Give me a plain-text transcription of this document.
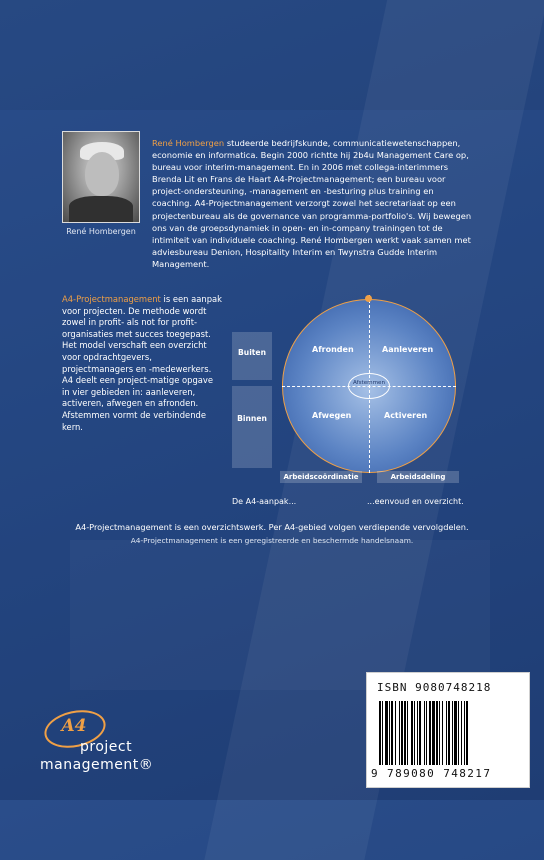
René Hombergen

René Hombergen studeerde bedrijfskunde, communicatiewetenschappen, economie en informatica. Begin 2000 richtte hij 2b4u Management Care op, bureau voor interim-management. En in 2006 met collega-interimmers Brenda Lit en Frans de Haart A4-Projectmanagement; een bureau voor project-ondersteuning, -management en -besturing plus training en coaching. A4-Projectmanagement verzorgt zowel het secretariaat op een projectenbureau als de governance van programma-portfolio's. Wij bewegen ons van de groepsdynamiek in open- en in-company trainingen tot de intimiteit van individuele coaching. René Hombergen werkt vaak samen met adviesbureau Denion, Hospitality Interim en Twynstra Gudde Interim Management.

A4-Projectmanagement is een aanpak voor projecten. De methode wordt zowel in profit- als not for profit-organisaties met succes toegepast. Het model verschaft een overzicht voor opdrachtgevers, projectmanagers en -medewerkers. A4 deelt een project-matige opgave in vier gebieden in: aanleveren, activeren, afwegen en afronden. Afstemmen vormt de verbindende kern.

Buiten
Binnen
Afstemmen
Afronden	Aanleveren
Afwegen	Activeren
Arbeidscoördinatie	Arbeidsdeling
De A4-aanpak...	...eenvoud en overzicht.
A4-Projectmanagement is een overzichtswerk. Per A4-gebied volgen verdiepende vervolgdelen.
A4-Projectmanagement is een geregistreerde en beschermde handelsnaam.
A4
project
management®
ISBN 9080748218
9 789080 748217
